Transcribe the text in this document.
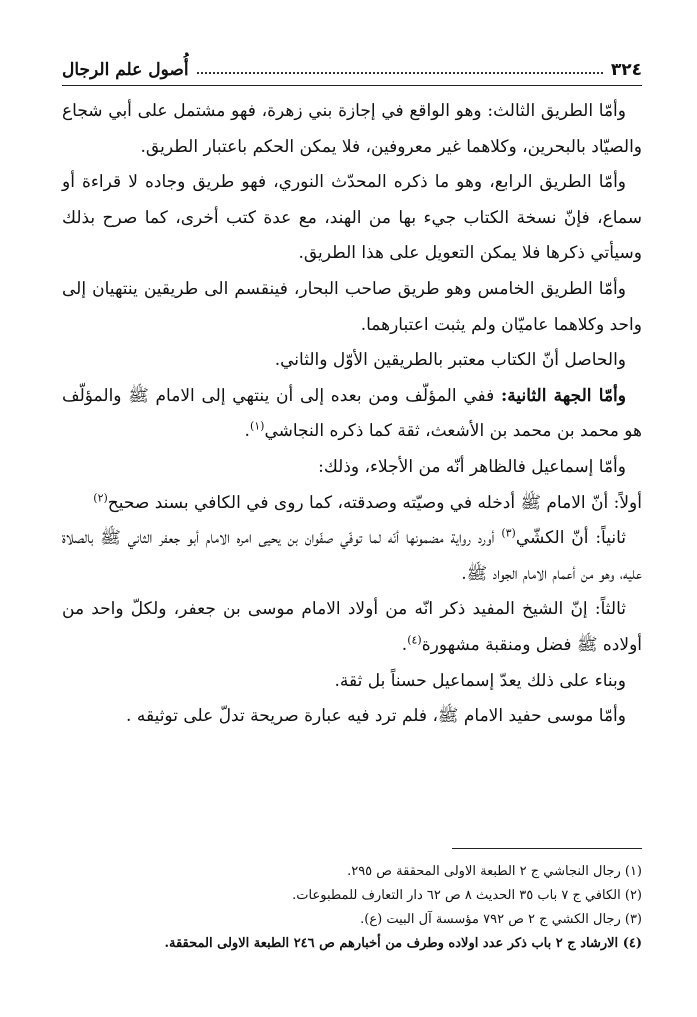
٣٢٤
أُصول علم الرجال

وأمّا الطريق الثالث: وهو الواقع في إجازة بني زهرة، فهو مشتمل على أبي شجاع والصيّاد بالبحرين، وكلاهما غير معروفين، فلا يمكن الحكم باعتبار الطريق.

وأمّا الطريق الرابع، وهو ما ذكره المحدّث النوري، فهو طريق وجاده لا قراءة أو سماع، فإنّ نسخة الكتاب جيء بها من الهند، مع عدة كتب أخرى، كما صرح بذلك وسيأتي ذكرها فلا يمكن التعويل على هذا الطريق.

وأمّا الطريق الخامس وهو طريق صاحب البحار، فينقسم الى طريقين ينتهيان إلى واحد وكلاهما عاميّان ولم يثبت اعتبارهما.

والحاصل أنّ الكتاب معتبر بالطريقين الأوّل والثاني.

وأمّا الجهة الثانية: ففي المؤلّف ومن بعده إلى أن ينتهي إلى الامام ﷺ والمؤلّف هو محمد بن محمد بن الأشعث، ثقة كما ذكره النجاشي$^{(١)}$.

وأمّا إسماعيل فالظاهر أنّه من الأجلاء، وذلك:

أولاً: أنّ الامام ﷺ أدخله في وصيّته وصدقته، كما روى في الكافي بسند صحيح$^{(٢)}$

ثانياً: أنّ الكشّي$^{(٣)}$ أورد رواية مضمونها أنّه لما توفّي صفّوان بن يحيى امره الامام أبو جعفر الثاني ﷺ بالصلاة عليه، وهو من أعمام الامام الجواد ﷺ.

ثالثاً: إنّ الشيخ المفيد ذكر انّه من أولاد الامام موسى بن جعفر، ولكلّ واحد من أولاده ﷺ فضل ومنقبة مشهورة$^{(٤)}$.

وبناء على ذلك يعدّ إسماعيل حسناً بل ثقة.

وأمّا موسى حفيد الامام ﷺ، فلم ترد فيه عبارة صريحة تدلّ على توثيقه .

(١) رجال النجاشي ج ٢ الطبعة الاولى المحققة ص ٢٩٥.

(٢) الكافي ج ٧ باب ٣٥ الحديث ٨ ص ٦٢ دار التعارف للمطبوعات.

(٣) رجال الكشي ج ٢ ص ٧٩٢ مؤسسة آل البيت (ع).

(٤) الارشاد ج ٢ باب ذكر عدد اولاده وطرف من أخبارهم ص ٢٤٦ الطبعة الاولى المحققة.
